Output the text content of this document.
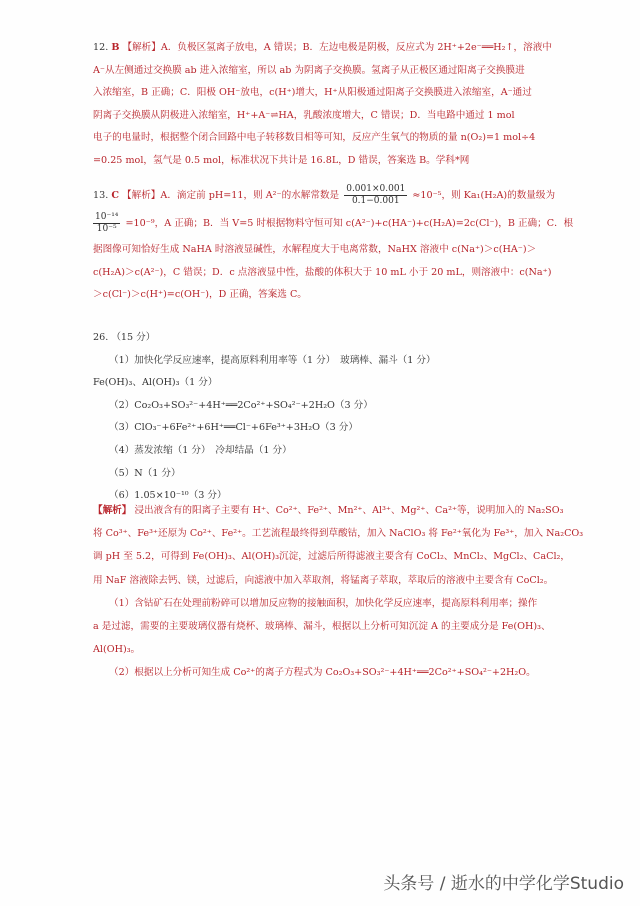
12. B 【解析】A．负极区氢离子放电，A 错误；B．左边电极是阴极，反应式为 2H⁺+2e⁻══H₂↑，溶液中
A⁻从左侧通过交换膜 ab 进入浓缩室，所以 ab 为阴离子交换膜。氢离子从正极区通过阳离子交换膜进
入浓缩室，B 正确；C．阳极 OH⁻放电，c(H⁺)增大，H⁺从阳极通过阳离子交换膜进入浓缩室，A⁻通过
阴离子交换膜从阴极进入浓缩室，H⁺+A⁻⇌HA，乳酸浓度增大，C 错误；D．当电路中通过 1 mol
电子的电量时，根据整个闭合回路中电子转移数目相等可知，反应产生氧气的物质的量 n(O₂)=1 mol÷4
=0.25 mol，氢气是 0.5 mol，标准状况下共计是 16.8L，D 错误，答案选 B。学科*网
13. C 【解析】A．滴定前 pH=11，则 A²⁻的水解常数是 $\frac{0.001\times 0.001}{0.1-0.001} \approx 10^{-5}$，则 Ka₁(H₂A)的数量级为
$\frac{\text{10⁻¹⁴}}{\text{10⁻⁵}} =10^{-9}$，A 正确；B．当 V=5 时根据物料守恒可知 c(A²⁻)+c(HA⁻)+c(H₂A)=2c(Cl⁻)，B 正确；C．根
据图像可知恰好生成 NaHA 时溶液显碱性，水解程度大于电离常数，NaHX 溶液中 c(Na⁺)＞c(HA⁻)＞
c(H₂A)＞c(A²⁻)，C 错误；D．c 点溶液显中性，盐酸的体积大于 10 mL 小于 20 mL，则溶液中：c(Na⁺)
＞c(Cl⁻)＞c(H⁺)=c(OH⁻)，D 正确，答案选 C。
26. （15 分）
（1）加快化学反应速率，提高原料利用率等（1 分）　玻璃棒、漏斗（1 分）
Fe(OH)₃、Al(OH)₃（1 分）
（2）Co₂O₃+SO₃²⁻+4H⁺══2Co²⁺+SO₄²⁻+2H₂O（3 分）
（3）ClO₃⁻+6Fe²⁺+6H⁺══Cl⁻+6Fe³⁺+3H₂O（3 分）
（4）蒸发浓缩（1 分）　冷却结晶（1 分）
（5）N（1 分）
（6）1.05×10⁻¹⁰（3 分）
【解析】 浸出液含有的阳离子主要有 H⁺、Co²⁺、Fe²⁺、Mn²⁺、Al³⁺、Mg²⁺、Ca²⁺等，说明加入的 Na₂SO₃
将 Co³⁺、Fe³⁺还原为 Co²⁺、Fe²⁺。工艺流程最终得到草酸钴，加入 NaClO₃ 将 Fe²⁺氧化为 Fe³⁺，加入 Na₂CO₃
调 pH 至 5.2，可得到 Fe(OH)₃、Al(OH)₃沉淀，过滤后所得滤液主要含有 CoCl₂、MnCl₂、MgCl₂、CaCl₂，
用 NaF 溶液除去钙、镁，过滤后，向滤液中加入萃取剂，将锰离子萃取，萃取后的溶液中主要含有 CoCl₂。
（1）含钴矿石在处理前粉碎可以增加反应物的接触面积，加快化学反应速率，提高原料利用率；操作
a 是过滤，需要的主要玻璃仪器有烧杯、玻璃棒、漏斗，根据以上分析可知沉淀 A 的主要成分是 Fe(OH)₃、
Al(OH)₃。
（2）根据以上分析可知生成 Co²⁺的离子方程式为 Co₂O₃+SO₃²⁻+4H⁺══2Co²⁺+SO₄²⁻+2H₂O。
头条号 / 逝水的中学化学Studio
